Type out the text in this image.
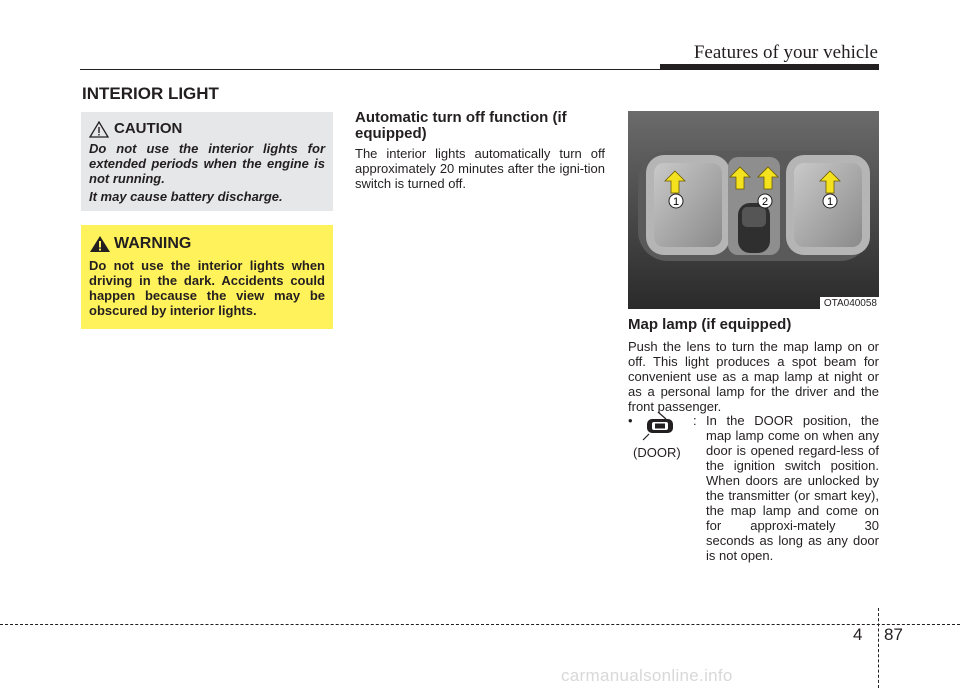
Features of your vehicle
INTERIOR LIGHT
CAUTION
Do not use the interior lights for extended periods when the engine is not running.
It may cause battery discharge.
WARNING
Do not use the interior lights when driving in the dark. Accidents could happen because the view may be obscured by interior lights.
Automatic turn off function (if equipped)
The interior lights automatically turn off approximately 20 minutes after the igni-tion switch is turned off.
1	2	1
OTA040058
Map lamp (if equipped)
Push the lens to turn the map lamp on or off. This light produces a spot beam for convenient use as a map lamp at night or as a personal lamp for the driver and the front passenger.
•
(DOOR)
: In the DOOR position, the map lamp come on when any door is opened regard-less of the ignition switch position. When doors are unlocked by the transmitter (or smart key), the map lamp and come on for approxi-mately 30 seconds as long as any door is not open.
4 87
carmanualsonline.info
